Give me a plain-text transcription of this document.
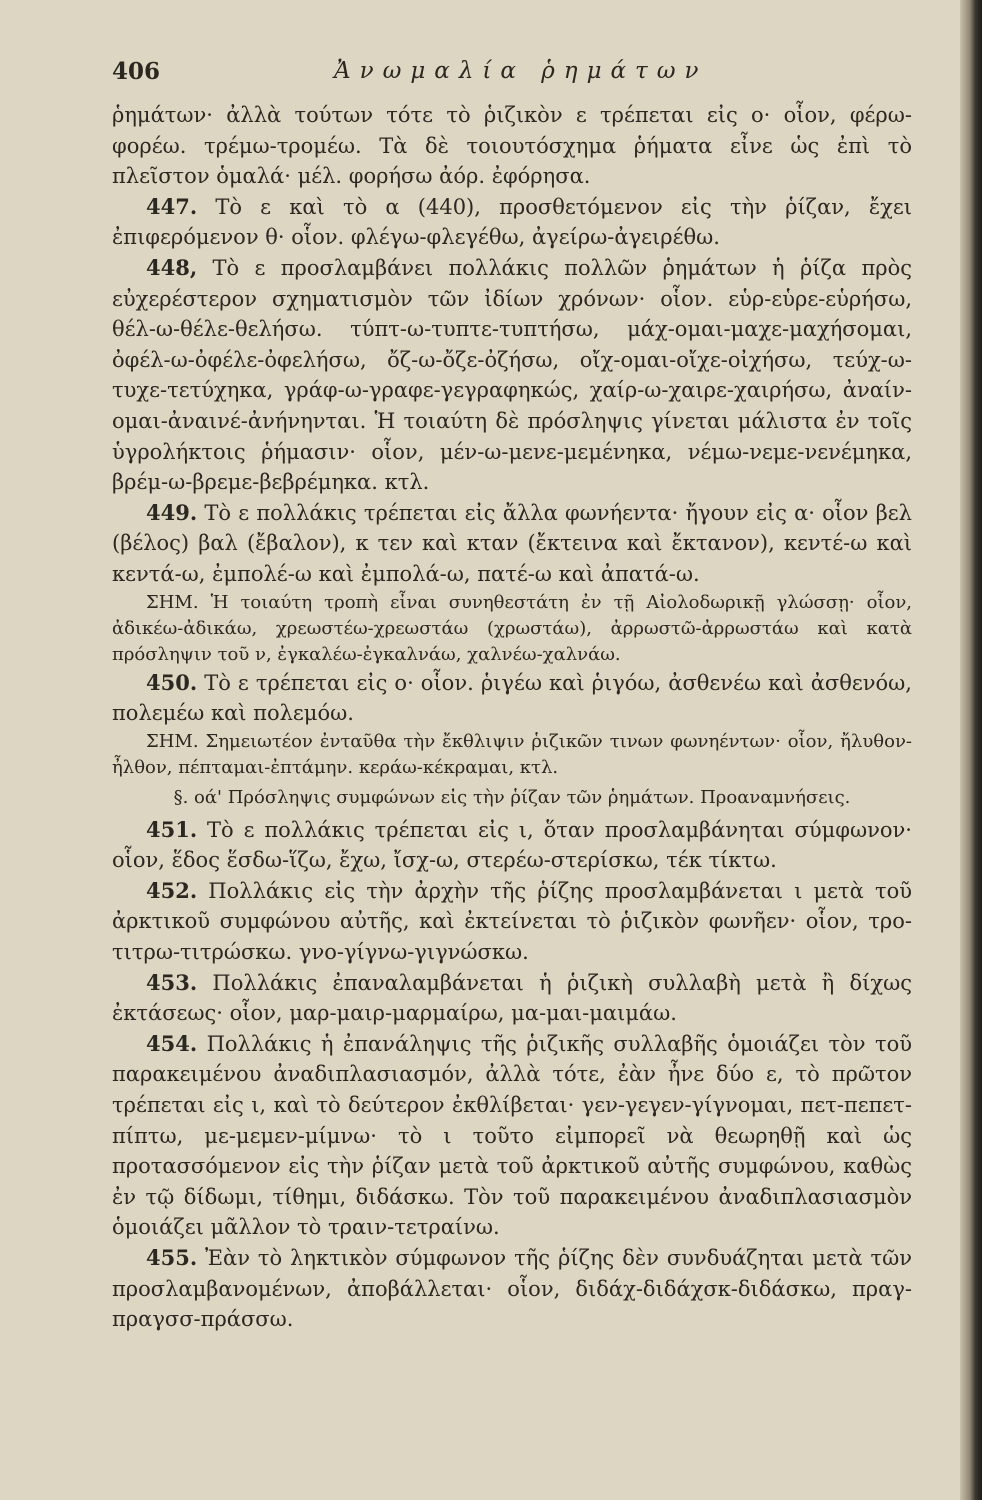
406	Ἀνωμαλία ῥημάτων

ῥημάτων· ἀλλὰ τούτων τότε τὸ ῥιζικὸν ε τρέπεται εἰς ο· οἷον, φέρω-φορέω. τρέμω-τρομέω. Τὰ δὲ τοιουτόσχημα ῥήματα εἶνε ὡς ἐπὶ τὸ πλεῖστον ὁμαλά· μέλ. φορήσω ἀόρ. ἐφόρησα.

447. Τὸ ε καὶ τὸ α (440), προσθετόμενον εἰς τὴν ῥίζαν, ἔχει ἐπιφερόμενον θ· οἷον. φλέγω-φλεγέθω, ἀγείρω-ἀγειρέθω.

448, Τὸ ε προσλαμβάνει πολλάκις πολλῶν ῥημάτων ἡ ῥίζα πρὸς εὐχερέστερον σχηματισμὸν τῶν ἰδίων χρόνων· οἷον. εὑρ-εὑρε-εὑρήσω, θέλ-ω-θέλε-θελήσω. τύπτ-ω-τυπτε-τυπτήσω, μάχ-ομαι-μαχε-μαχήσομαι, ὀφέλ-ω-ὀφέλε-ὀφελήσω, ὄζ-ω-ὄζε-ὀζήσω, οἴχ-ομαι-οἴχε-οἰχήσω, τεύχ-ω-τυχε-τετύχηκα, γράφ-ω-γραφε-γεγραφηκώς, χαίρ-ω-χαιρε-χαιρήσω, ἀναίν-ομαι-ἀναινέ-ἀνήνηνται. Ἡ τοιαύτη δὲ πρόσληψις γίνεται μάλιστα ἐν τοῖς ὑγρολήκτοις ῥήμασιν· οἷον, μέν-ω-μενε-μεμένηκα, νέμω-νεμε-νενέμηκα, βρέμ-ω-βρεμε-βεβρέμηκα. κτλ.

449. Τὸ ε πολλάκις τρέπεται εἰς ἄλλα φωνήεντα· ἤγουν εἰς α· οἷον βελ (βέλος) βαλ (ἔβαλον), κ τεν καὶ κταν (ἔκτεινα καὶ ἔκτανον), κεντέ-ω καὶ κεντά-ω, ἐμπολέ-ω καὶ ἐμπολά-ω, πατέ-ω καὶ ἀπατά-ω.

ΣΗΜ. Ἡ τοιαύτη τροπὴ εἶναι συνηθεστάτη ἐν τῇ Αἰολοδωρικῇ γλώσσῃ· οἷον, ἀδικέω-ἀδικάω, χρεωστέω-χρεωστάω (χρωστάω), ἀρρωστῶ-ἀρρωστάω καὶ κατὰ πρόσληψιν τοῦ ν, ἐγκαλέω-ἐγκαλνάω, χαλνέω-χαλνάω.

450. Τὸ ε τρέπεται εἰς ο· οἷον. ῥιγέω καὶ ῥιγόω, ἀσθενέω καὶ ἀσθενόω, πολεμέω καὶ πολεμόω.

ΣΗΜ. Σημειωτέον ἐνταῦθα τὴν ἔκθλιψιν ῥιζικῶν τινων φωνηέντων· οἷον, ἤλυθον-ἦλθον, πέπταμαι-ἐπτάμην. κεράω-κέκραμαι, κτλ.

§. οά' Πρόσληψις συμφώνων εἰς τὴν ῥίζαν τῶν ῥημάτων. Προαναμνήσεις.

451. Τὸ ε πολλάκις τρέπεται εἰς ι, ὅταν προσλαμβάνηται σύμφωνον· οἷον, ἕδος ἕσδω-ἵζω, ἔχω, ἴσχ-ω, στερέω-στερίσκω, τέκ τίκτω.

452. Πολλάκις εἰς τὴν ἀρχὴν τῆς ῥίζης προσλαμβάνεται ι μετὰ τοῦ ἀρκτικοῦ συμφώνου αὐτῆς, καὶ ἐκτείνεται τὸ ῥιζικὸν φωνῆεν· οἷον, τρο-τιτρω-τιτρώσκω. γνο-γίγνω-γιγνώσκω.

453. Πολλάκις ἐπαναλαμβάνεται ἡ ῥιζικὴ συλλαβὴ μετὰ ἢ δίχως ἐκτάσεως· οἷον, μαρ-μαιρ-μαρμαίρω, μα-μαι-μαιμάω.

454. Πολλάκις ἡ ἐπανάληψις τῆς ῥιζικῆς συλλαβῆς ὁμοιάζει τὸν τοῦ παρακειμένου ἀναδιπλασιασμόν, ἀλλὰ τότε, ἐὰν ἦνε δύο ε, τὸ πρῶτον τρέπεται εἰς ι, καὶ τὸ δεύτερον ἐκθλίβεται· γεν-γεγεν-γίγνομαι, πετ-πεπετ-πίπτω, με-μεμεν-μίμνω· τὸ ι τοῦτο εἰμπορεῖ νὰ θεωρηθῇ καὶ ὡς προτασσόμενον εἰς τὴν ῥίζαν μετὰ τοῦ ἀρκτικοῦ αὐτῆς συμφώνου, καθὼς ἐν τῷ δίδωμι, τίθημι, διδάσκω. Τὸν τοῦ παρακειμένου ἀναδιπλασιασμὸν ὁμοιάζει μᾶλλον τὸ τραιν-τετραίνω.

455. Ἐὰν τὸ ληκτικὸν σύμφωνον τῆς ῥίζης δὲν συνδυάζηται μετὰ τῶν προσλαμβανομένων, ἀποβάλλεται· οἷον, διδάχ-διδάχσκ-διδάσκω, πραγ-πραγσσ-πράσσω.
